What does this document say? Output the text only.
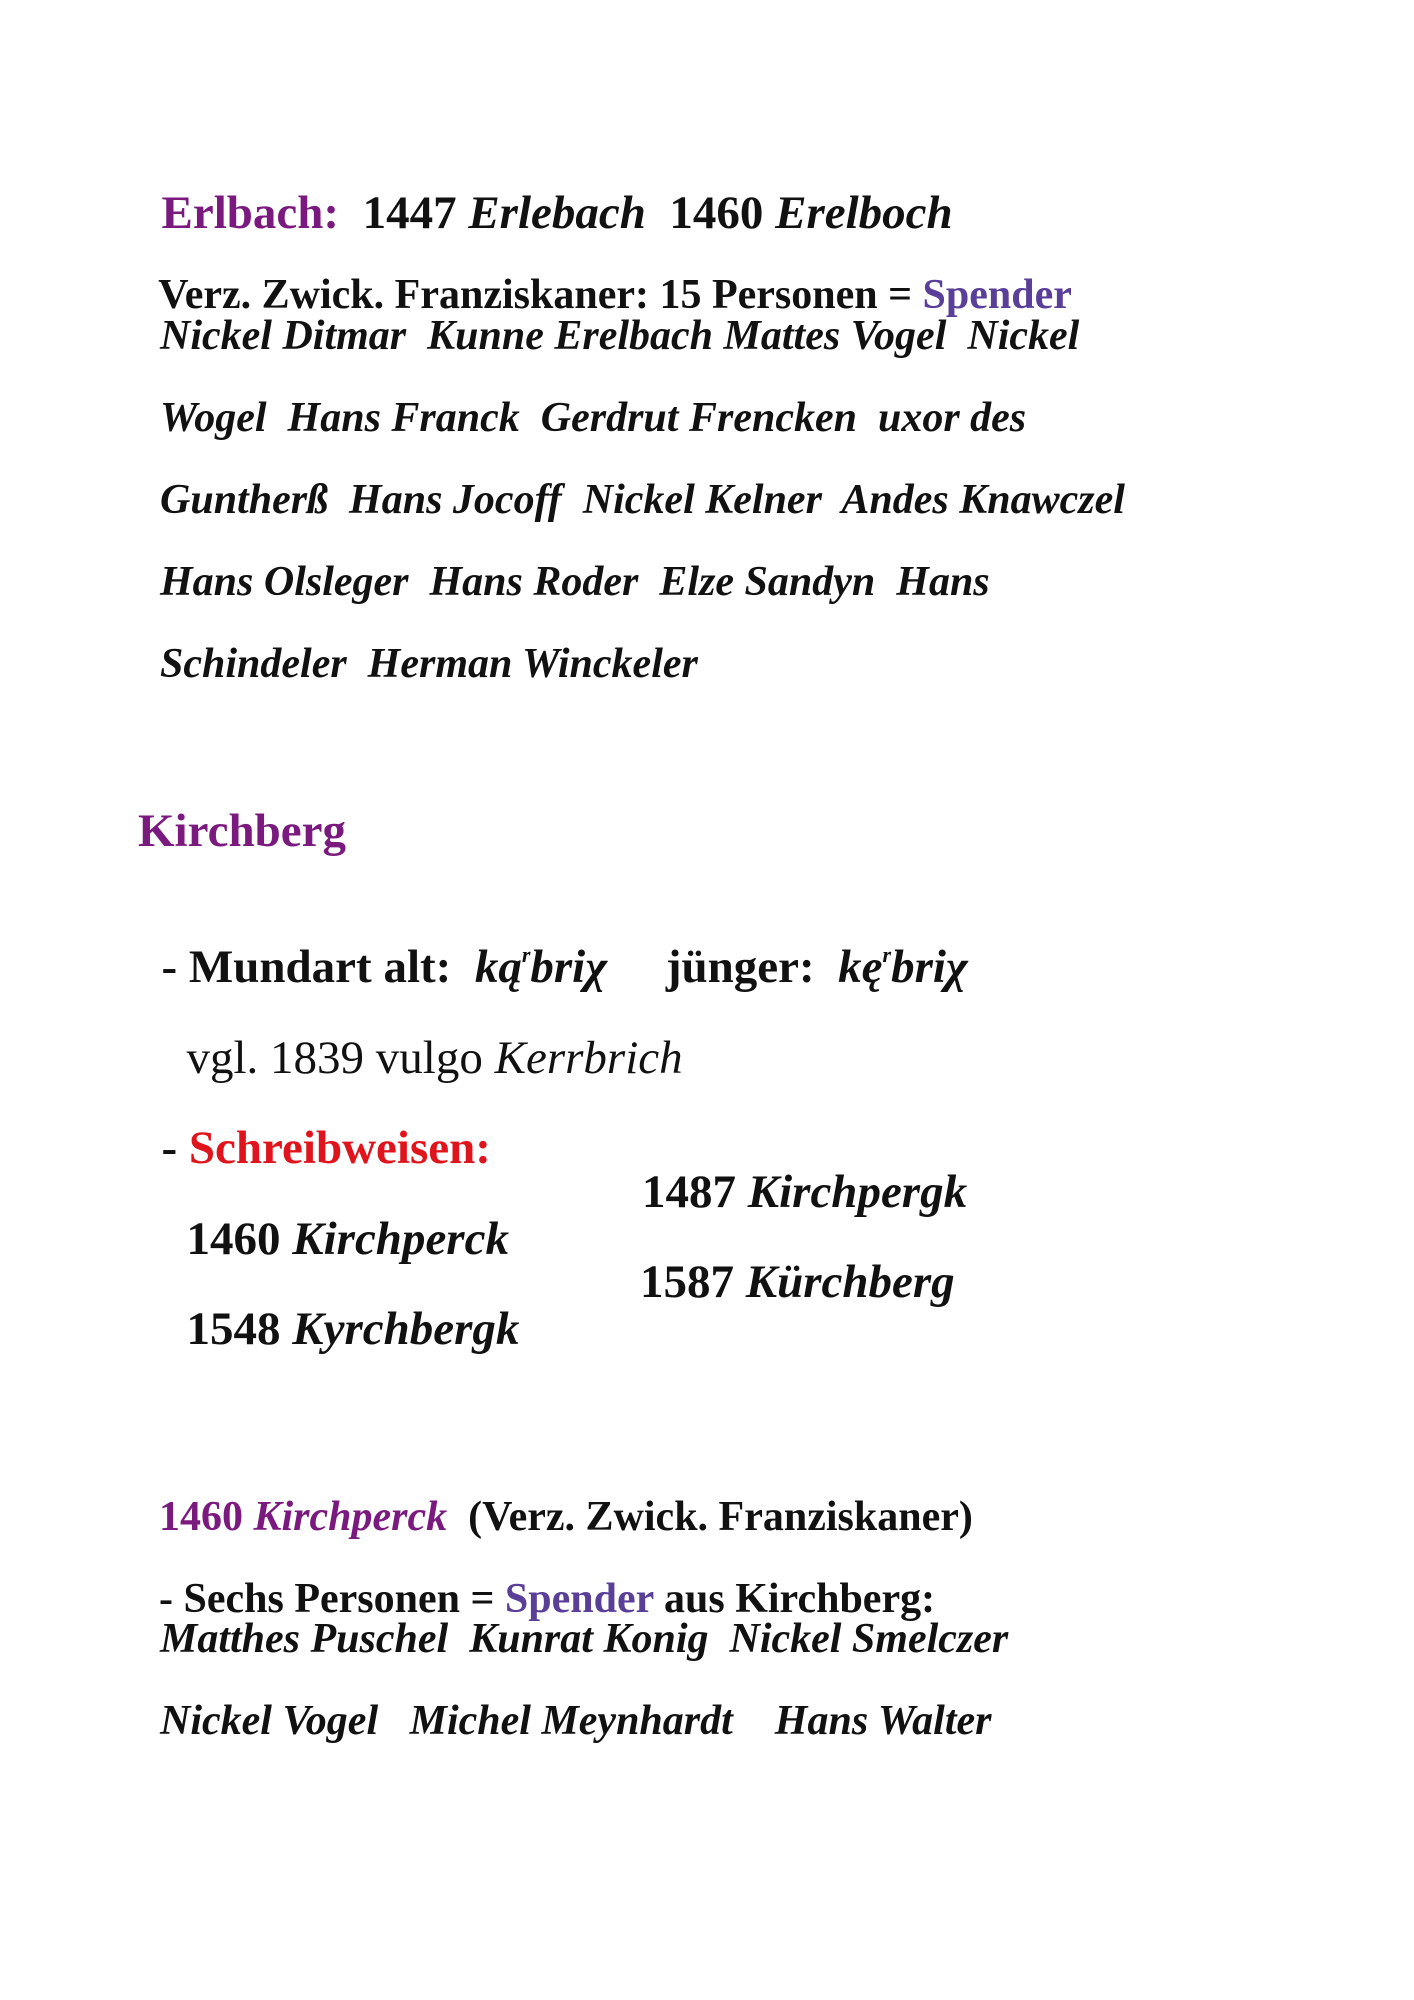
Erlbach: 1447 Erlebach 1460 Erelboch

Verz. Zwick. Franziskaner: 15 Personen = Spender

Nickel Ditmar  Kunne Erelbach Mattes Vogel  Nickel
Wogel  Hans Franck  Gerdrut Frencken  uxor des
Guntherß  Hans Jocoff  Nickel Kelner  Andes Knawczel
Hans Olsleger  Hans Roder  Elze Sandyn  Hans
Schindeler  Herman Winckeler
Kirchberg

- Mundart alt:  $ką^rbri\chi$ jünger:  $kę^rbri\chi$

vgl. 1839 vulgo Kerrbrich

- Schreibweisen:

1460 Kirchperck

1487 Kirchpergk

1548 Kyrchbergk

1587 Kürchberg

1460 Kirchperck  (Verz. Zwick. Franziskaner)

- Sechs Personen = Spender aus Kirchberg:

Matthes Puschel  Kunrat Konig  Nickel Smelczer
Nickel Vogel   Michel Meynhardt    Hans Walter
